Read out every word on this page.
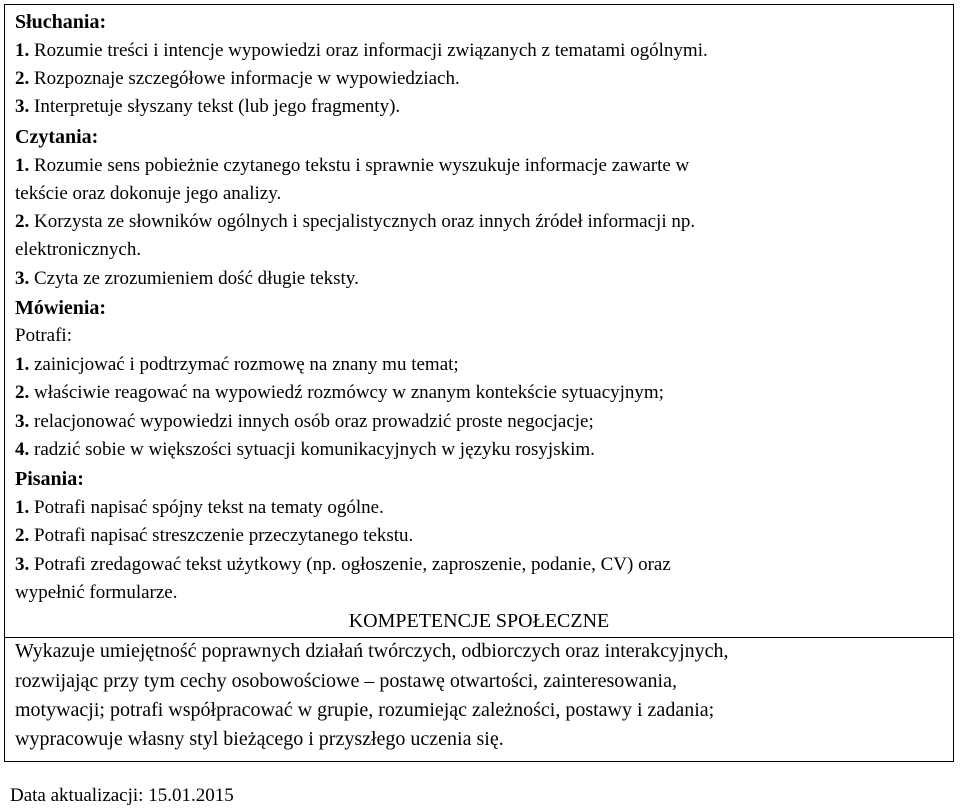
Słuchania:
1. Rozumie treści i intencje wypowiedzi oraz informacji związanych z tematami ogólnymi.
2. Rozpoznaje szczegółowe informacje w wypowiedziach.
3. Interpretuje słyszany tekst (lub jego fragmenty).
Czytania:
1. Rozumie sens pobieżnie czytanego tekstu i sprawnie wyszukuje informacje zawarte w
tekście oraz dokonuje jego analizy.
2. Korzysta ze słowników ogólnych i specjalistycznych oraz innych źródeł informacji np.
elektronicznych.
3. Czyta ze zrozumieniem dość długie teksty.
Mówienia:
Potrafi:
1. zainicjować i podtrzymać rozmowę na znany mu temat;
2. właściwie reagować na wypowiedź rozmówcy w znanym kontekście sytuacyjnym;
3. relacjonować wypowiedzi innych osób oraz prowadzić proste negocjacje;
4. radzić sobie w większości sytuacji komunikacyjnych w języku rosyjskim.
Pisania:
1. Potrafi napisać spójny tekst na tematy ogólne.
2. Potrafi napisać streszczenie przeczytanego tekstu.
3. Potrafi zredagować tekst użytkowy (np. ogłoszenie, zaproszenie, podanie, CV) oraz
wypełnić formularze.
KOMPETENCJE SPOŁECZNE
Wykazuje umiejętność poprawnych działań twórczych, odbiorczych oraz interakcyjnych,
rozwijając przy tym cechy osobowościowe – postawę otwartości, zainteresowania,
motywacji; potrafi współpracować w grupie, rozumiejąc zależności, postawy i zadania;
wypracowuje własny styl bieżącego i przyszłego uczenia się.
Data aktualizacji: 15.01.2015
